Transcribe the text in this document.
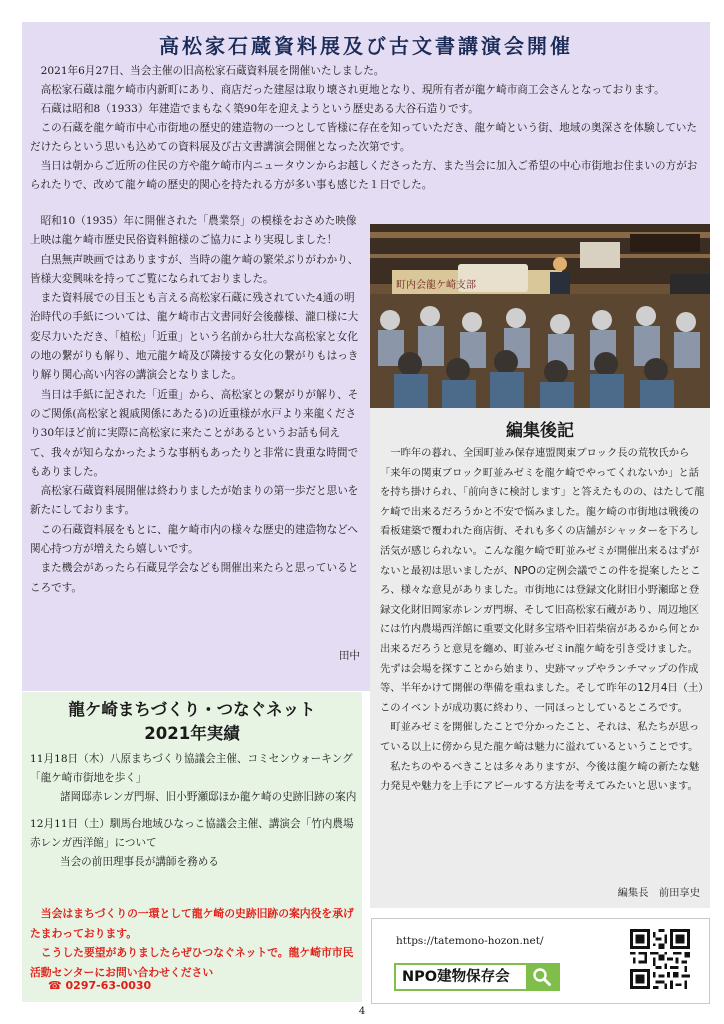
高松家石蔵資料展及び古文書講演会開催

2021年6月27日、当会主催の旧高松家石蔵資料展を開催いたしました。

高松家石蔵は龍ケ崎市内新町にあり、商店だった建屋は取り壊され更地となり、現所有者が龍ケ崎市商工会さんとなっております。

石蔵は昭和8（1933）年建造でまもなく築90年を迎えようという歴史ある大谷石造りです。

この石蔵を龍ケ崎市中心市街地の歴史的建造物の一つとして皆様に存在を知っていただき、龍ケ崎という街、地域の奥深さを体験していただけたらという思いも込めての資料展及び古文書講演会開催となった次第です。

当日は朝からご近所の住民の方や龍ケ崎市内ニュータウンからお越しくださった方、また当会に加入ご希望の中心市街地お住まいの方がおられたりで、改めて龍ケ崎の歴史的関心を持たれる方が多い事も感じた１日でした。

昭和10（1935）年に開催された「農業祭」の模様をおさめた映像上映は龍ケ崎市歴史民俗資料館様のご協力により実現しました！

白黒無声映画ではありますが、当時の龍ケ崎の繁栄ぶりがわかり、皆様大変興味を持ってご覧になられておりました。

また資料展での目玉とも言える高松家石蔵に残されていた4通の明治時代の手紙については、龍ケ崎市古文書同好会後藤様、瀧口様に大変尽力いただき、「植松」「近重」という名前から壮大な高松家と女化の地の繋がりも解り、地元龍ケ崎及び隣接する女化の繋がりもはっきり解り関心高い内容の講演会となりました。

当日は手紙に記された「近重」から、高松家との繋がりが解り、そのご関係(高松家と親戚関係にあたる)の近重様が水戸より来龍くださり30年ほど前に実際に高松家に来たことがあるというお話も伺えて、我々が知らなかったような事柄もあったりと非常に貴重な時間でもありました。

高松家石蔵資料展開催は終わりましたが始まりの第一歩だと思いを新たにしております。

この石蔵資料展をもとに、龍ケ崎市内の様々な歴史的建造物などへ関心持つ方が増えたら嬉しいです。

また機会があったら石蔵見学会なども開催出来たらと思っているところです。

田中
町内会龍ケ崎支部
編集後記

一昨年の暮れ、全国町並み保存連盟関東ブロック長の荒牧氏から「来年の関東ブロック町並みゼミを龍ケ崎でやってくれないか」と話を持ち掛けられ、「前向きに検討します」と答えたものの、はたして龍ケ崎で出来るだろうかと不安で悩みました。龍ケ崎の市街地は戦後の看板建築で覆われた商店街、それも多くの店舗がシャッターを下ろし活気が感じられない。こんな龍ケ崎で町並みゼミが開催出来るはずがないと最初は思いましたが、NPOの定例会議でこの件を提案したところ、様々な意見がありました。市街地には登録文化財旧小野瀬邸と登録文化財旧岡家赤レンガ門塀、そして旧高松家石蔵があり、周辺地区には竹内農場西洋館に重要文化財多宝塔や旧若柴宿があるから何とか出来るだろうと意見を纏め、町並みゼミin龍ケ崎を引き受けました。先ずは会場を探すことから始まり、史跡マップやランチマップの作成等、半年かけて開催の準備を重ねました。そして昨年の12月4日（土）このイベントが成功裏に終わり、一同ほっとしているところです。

町並みゼミを開催したことで分かったこと、それは、私たちが思っている以上に傍から見た龍ケ崎は魅力に溢れているということです。

私たちのやるべきことは多々ありますが、今後は龍ケ崎の新たな魅力発見や魅力を上手にアピールする方法を考えてみたいと思います。

編集長　前田享史
龍ケ崎まちづくり・つなぐネット
2021年実績
11月18日（木）八原まちづくり協議会主催、コミセンウォーキング「龍ケ崎市街地を歩く」
諸岡邸赤レンガ門塀、旧小野瀬邸ほか龍ケ崎の史跡旧跡の案内
12月11日（土）馴馬台地域ひなっこ協議会主催、講演会「竹内農場赤レンガ西洋館」について
当会の前田理事長が講師を務める

当会はまちづくりの一環として龍ケ崎の史跡旧跡の案内役を承げたまわっております。

こうした要望がありましたらぜひつなぐネットで。龍ケ崎市市民活動センターにお問い合わせください

☎ 0297-63-0030
https://tatemono-hozon.net/
NPO建物保存会
4
